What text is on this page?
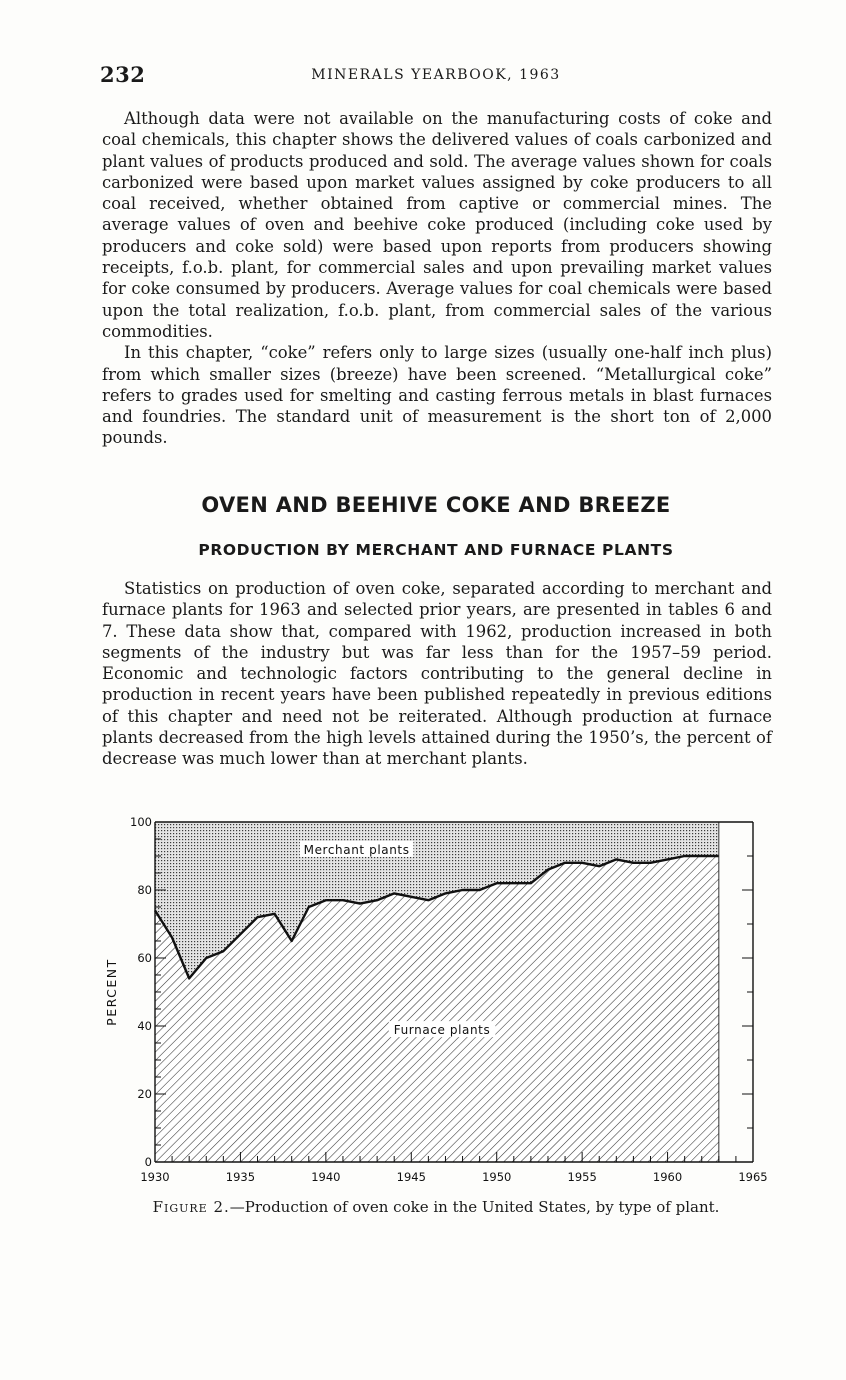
232	MINERALS YEARBOOK, 1963

Although data were not available on the manufacturing costs of coke and coal chemicals, this chapter shows the delivered values of coals carbonized and plant values of products produced and sold. The average values shown for coals carbonized were based upon market values assigned by coke producers to all coal received, whether obtained from captive or commercial mines. The average values of oven and beehive coke produced (including coke used by producers and coke sold) were based upon reports from producers showing receipts, f.o.b. plant, for commercial sales and upon prevailing market values for coke consumed by producers. Average values for coal chemicals were based upon the total realization, f.o.b. plant, from commercial sales of the various commodities.

In this chapter, “coke” refers only to large sizes (usually one-half inch plus) from which smaller sizes (breeze) have been screened. “Metallurgical coke” refers to grades used for smelting and casting ferrous metals in blast furnaces and foundries. The standard unit of measurement is the short ton of 2,000 pounds.

OVEN AND BEEHIVE COKE AND BREEZE
PRODUCTION BY MERCHANT AND FURNACE PLANTS

Statistics on production of oven coke, separated according to merchant and furnace plants for 1963 and selected prior years, are presented in tables 6 and 7. These data show that, compared with 1962, production increased in both segments of the industry but was far less than for the 1957–59 period. Economic and technologic factors contributing to the general decline in production in recent years have been published repeatedly in previous editions of this chapter and need not be reiterated. Although production at furnace plants decreased from the high levels attained during the 1950’s, the percent of decrease was much lower than at merchant plants.

0
20
40
60
80
100
1930	1935	1940	1945	1950	1955	1960	1965
PERCENT
Merchant plants
Furnace plants
Figure 2.—Production of oven coke in the United States, by type of plant.
